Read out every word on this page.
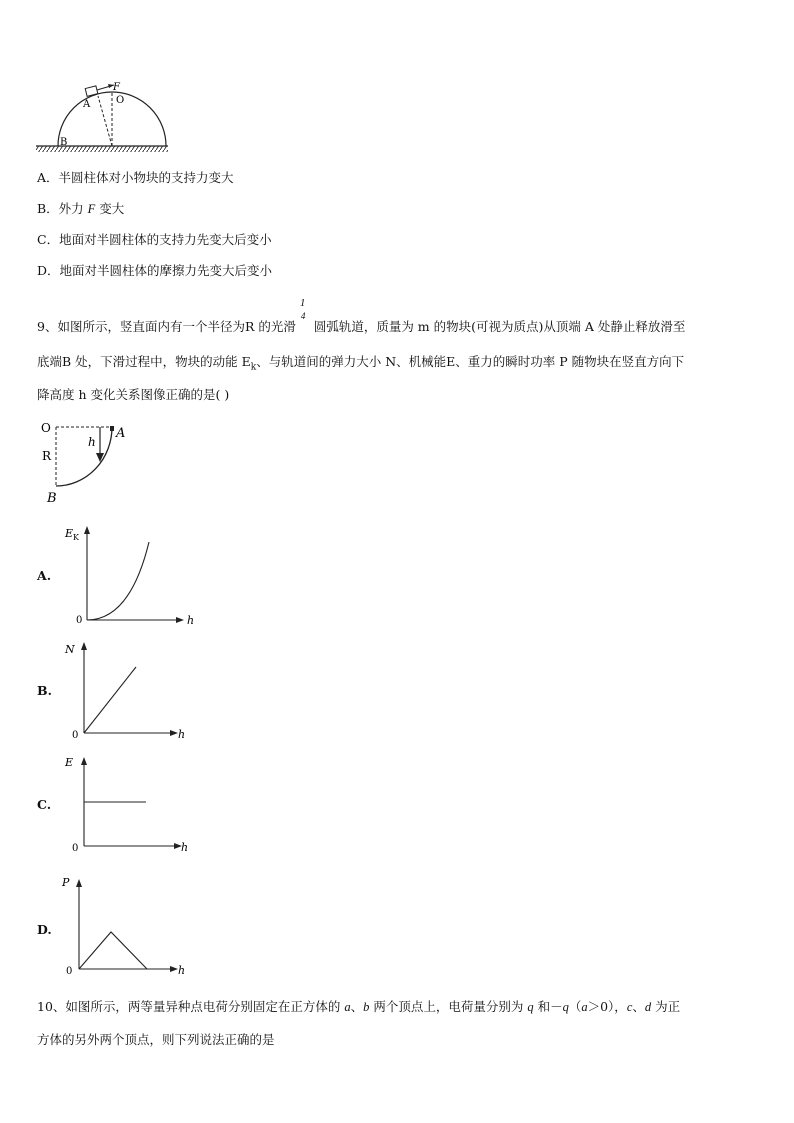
A
F
O
B
A．半圆柱体对小物块的支持力变大
B．外力 F 变大
C．地面对半圆柱体的支持力先变大后变小
D．地面对半圆柱体的摩擦力先变大后变小
9、如图所示，竖直面内有一个半径为R 的光滑
1
4
圆弧轨道，质量为 m 的物块(可视为质点)从顶端 A 处静止释放滑至
底端B 处，下滑过程中，物块的动能 $E_k$、与轨道间的弹力大小 N、机械能E、重力的瞬时功率 P 随物块在竖直方向下
降高度 h 变化关系图像正确的是( )
O	A
h
R
B
A.
E K
h
0
B.
N
h
0
C.
E
h
0
D.
P
h
0
10、如图所示，两等量异种点电荷分别固定在正方体的 a、b 两个顶点上，电荷量分别为 q 和－q（a＞0），c、d 为正
方体的另外两个顶点，则下列说法正确的是
